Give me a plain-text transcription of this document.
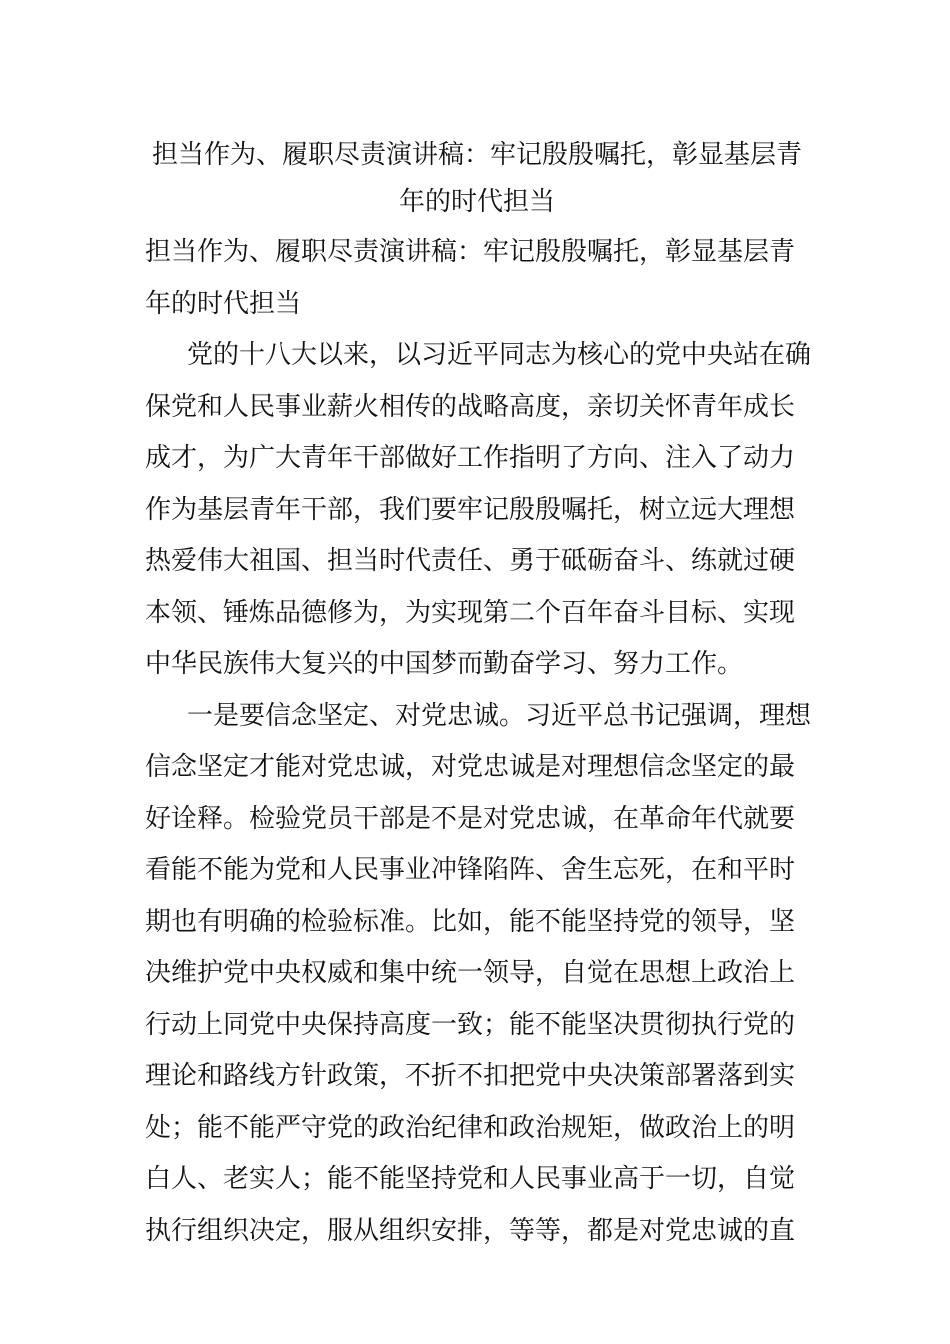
担当作为、履职尽责演讲稿：牢记殷殷嘱托，彰显基层青
年的时代担当
担当作为、履职尽责演讲稿：牢记殷殷嘱托，彰显基层青
年的时代担当
党的十八大以来，以习近平同志为核心的党中央站在确
保党和人民事业薪火相传的战略高度，亲切关怀青年成长
成才，为广大青年干部做好工作指明了方向、注入了动力
作为基层青年干部，我们要牢记殷殷嘱托，树立远大理想
热爱伟大祖国、担当时代责任、勇于砥砺奋斗、练就过硬
本领、锤炼品德修为，为实现第二个百年奋斗目标、实现
中华民族伟大复兴的中国梦而勤奋学习、努力工作。
一是要信念坚定、对党忠诚。习近平总书记强调，理想
信念坚定才能对党忠诚，对党忠诚是对理想信念坚定的最
好诠释。检验党员干部是不是对党忠诚，在革命年代就要
看能不能为党和人民事业冲锋陷阵、舍生忘死，在和平时
期也有明确的检验标准。比如，能不能坚持党的领导，坚
决维护党中央权威和集中统一领导，自觉在思想上政治上
行动上同党中央保持高度一致；能不能坚决贯彻执行党的
理论和路线方针政策，不折不扣把党中央决策部署落到实
处；能不能严守党的政治纪律和政治规矩，做政治上的明
白人、老实人；能不能坚持党和人民事业高于一切，自觉
执行组织决定，服从组织安排，等等，都是对党忠诚的直
